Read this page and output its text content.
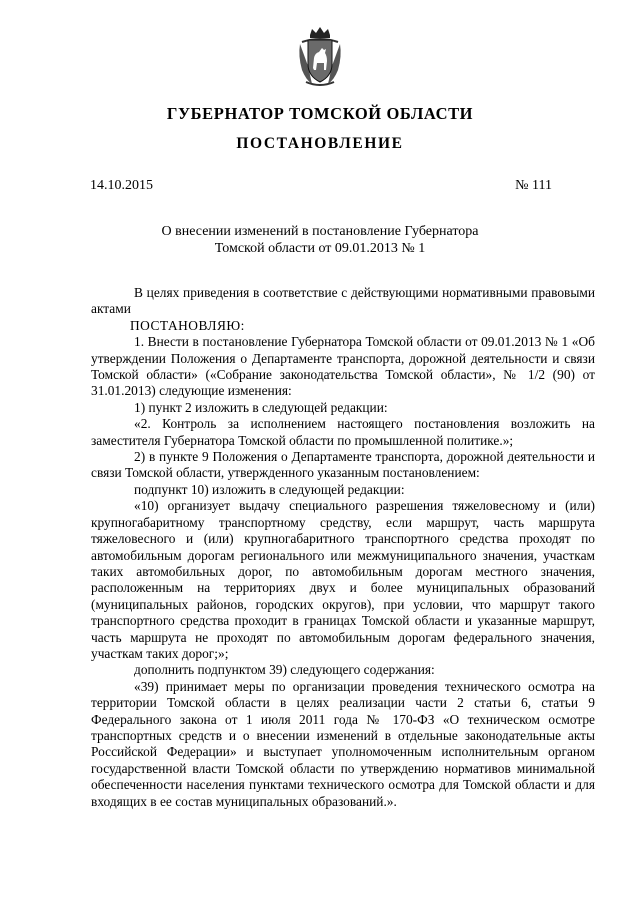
ГУБЕРНАТОР ТОМСКОЙ ОБЛАСТИ
ПОСТАНОВЛЕНИЕ
14.10.2015	№ 111
О внесении изменений в постановление Губернатора
Томской области от 09.01.2013 № 1

В целях приведения в соответствие с действующими нормативными правовыми актами

ПОСТАНОВЛЯЮ:

1. Внести в постановление Губернатора Томской области от 09.01.2013 № 1 «Об утверждении Положения о Департаменте транспорта, дорожной деятельности и связи Томской области» («Собрание законодательства Томской области», № 1/2 (90) от 31.01.2013) следующие изменения:

1) пункт 2 изложить в следующей редакции:

«2. Контроль за исполнением настоящего постановления возложить на заместителя Губернатора Томской области по промышленной политике.»;

2) в пункте 9 Положения о Департаменте транспорта, дорожной деятельности и связи Томской области, утвержденного указанным постановлением:

подпункт 10) изложить в следующей редакции:

«10) организует выдачу специального разрешения тяжеловесному и (или) крупногабаритному транспортному средству, если маршрут, часть маршрута тяжеловесного и (или) крупногабаритного транспортного средства проходят по автомобильным дорогам регионального или межмуниципального значения, участкам таких автомобильных дорог, по автомобильным дорогам местного значения, расположенным на территориях двух и более муниципальных образований (муниципальных районов, городских округов), при условии, что маршрут такого транспортного средства проходит в границах Томской области и указанные маршрут, часть маршрута не проходят по автомобильным дорогам федерального значения, участкам таких дорог;»;

дополнить подпунктом 39) следующего содержания:

«39) принимает меры по организации проведения технического осмотра на территории Томской области в целях реализации части 2 статьи 6, статьи 9 Федерального закона от 1 июля 2011 года № 170-ФЗ «О техническом осмотре транспортных средств и о внесении изменений в отдельные законодательные акты Российской Федерации» и выступает уполномоченным исполнительным органом государственной власти Томской области по утверждению нормативов минимальной обеспеченности населения пунктами технического осмотра для Томской области и для входящих в ее состав муниципальных образований.».
